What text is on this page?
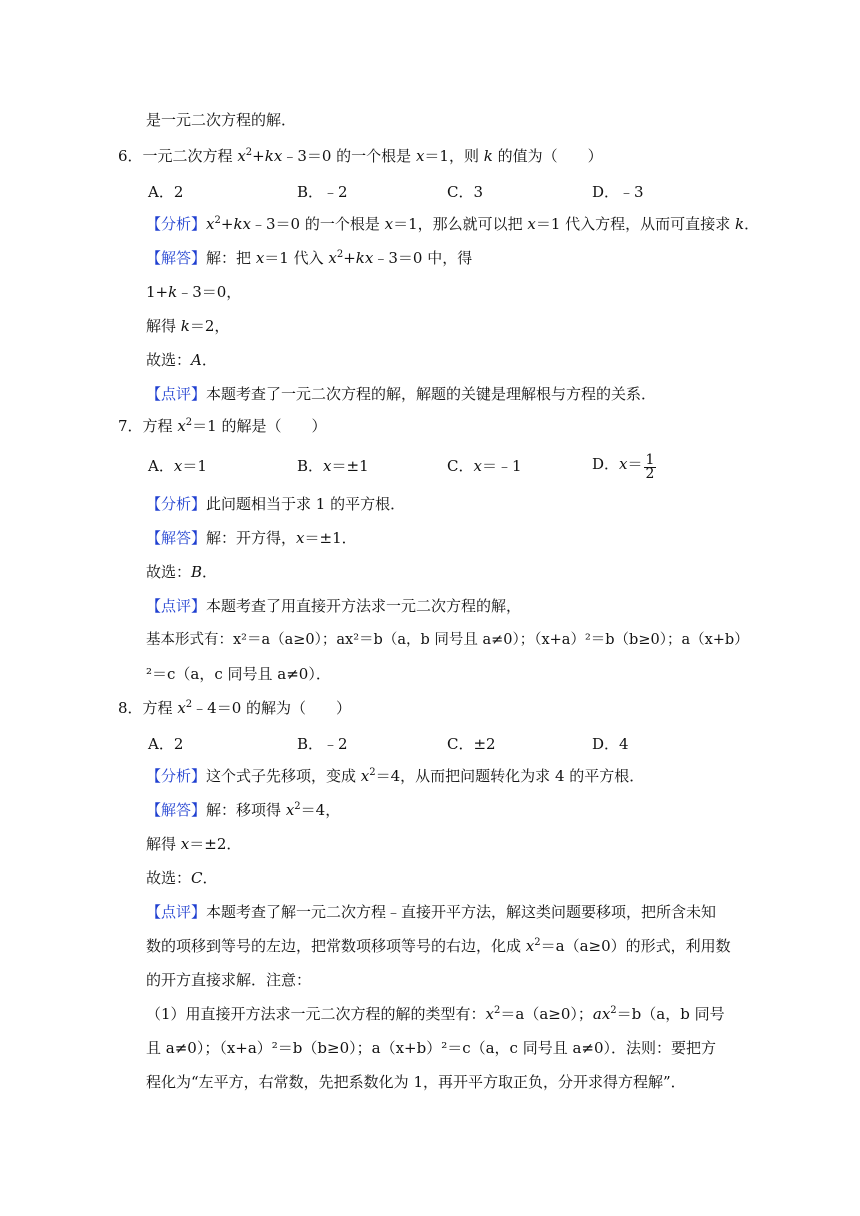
是一元二次方程的解．
6．一元二次方程 $x^2+kx﹣3=0$ 的一个根是 x＝1，则 k 的值为（　　）
A．2	B．﹣2	C．3	D．﹣3
【分析】$x^2+kx﹣3=0$ 的一个根是 x＝1，那么就可以把 x＝1 代入方程，从而可直接求 k．
【解答】解：把 x＝1 代入 $x^2+kx﹣3=0$ 中，得
1+k﹣3＝0，
解得 k＝2，
故选：A．
【点评】本题考查了一元二次方程的解，解题的关键是理解根与方程的关系．
7．方程 $x^2=1$ 的解是（　　）
A．x＝1	B．x＝±1	C．x＝﹣1	D．$x= \frac{1}{2}$
【分析】此问题相当于求 1 的平方根．
【解答】解：开方得，x＝±1．
故选：B．
【点评】本题考查了用直接开方法求一元二次方程的解，
基本形式有：x²＝a（a≥0）；ax²＝b（a，b 同号且 a≠0）；（x+a）²＝b（b≥0）；a（x+b）
²＝c（a，c 同号且 a≠0）．
8．方程 $x^2﹣4=0$ 的解为（　　）
A．2	B．﹣2	C．±2	D．4
【分析】这个式子先移项，变成 $x^2=4$，从而把问题转化为求 4 的平方根．
【解答】解：移项得 $x^2=4$，
解得 x＝±2．
故选：C．
【点评】本题考查了解一元二次方程﹣直接开平方法，解这类问题要移项，把所含未知
数的项移到等号的左边，把常数项移项等号的右边，化成 $x^2=a(a\ge 0)$的形式，利用数
的开方直接求解．注意：
（1）用直接开方法求一元二次方程的解的类型有：$x^2=a(a\ge 0)$；$ax^2=b(a$，b 同号
且 a≠0）；（x+a）²＝b（b≥0）；a（x+b）²＝c（a，c 同号且 a≠0）．法则：要把方
程化为“左平方，右常数，先把系数化为 1，再开平方取正负，分开求得方程解”．
